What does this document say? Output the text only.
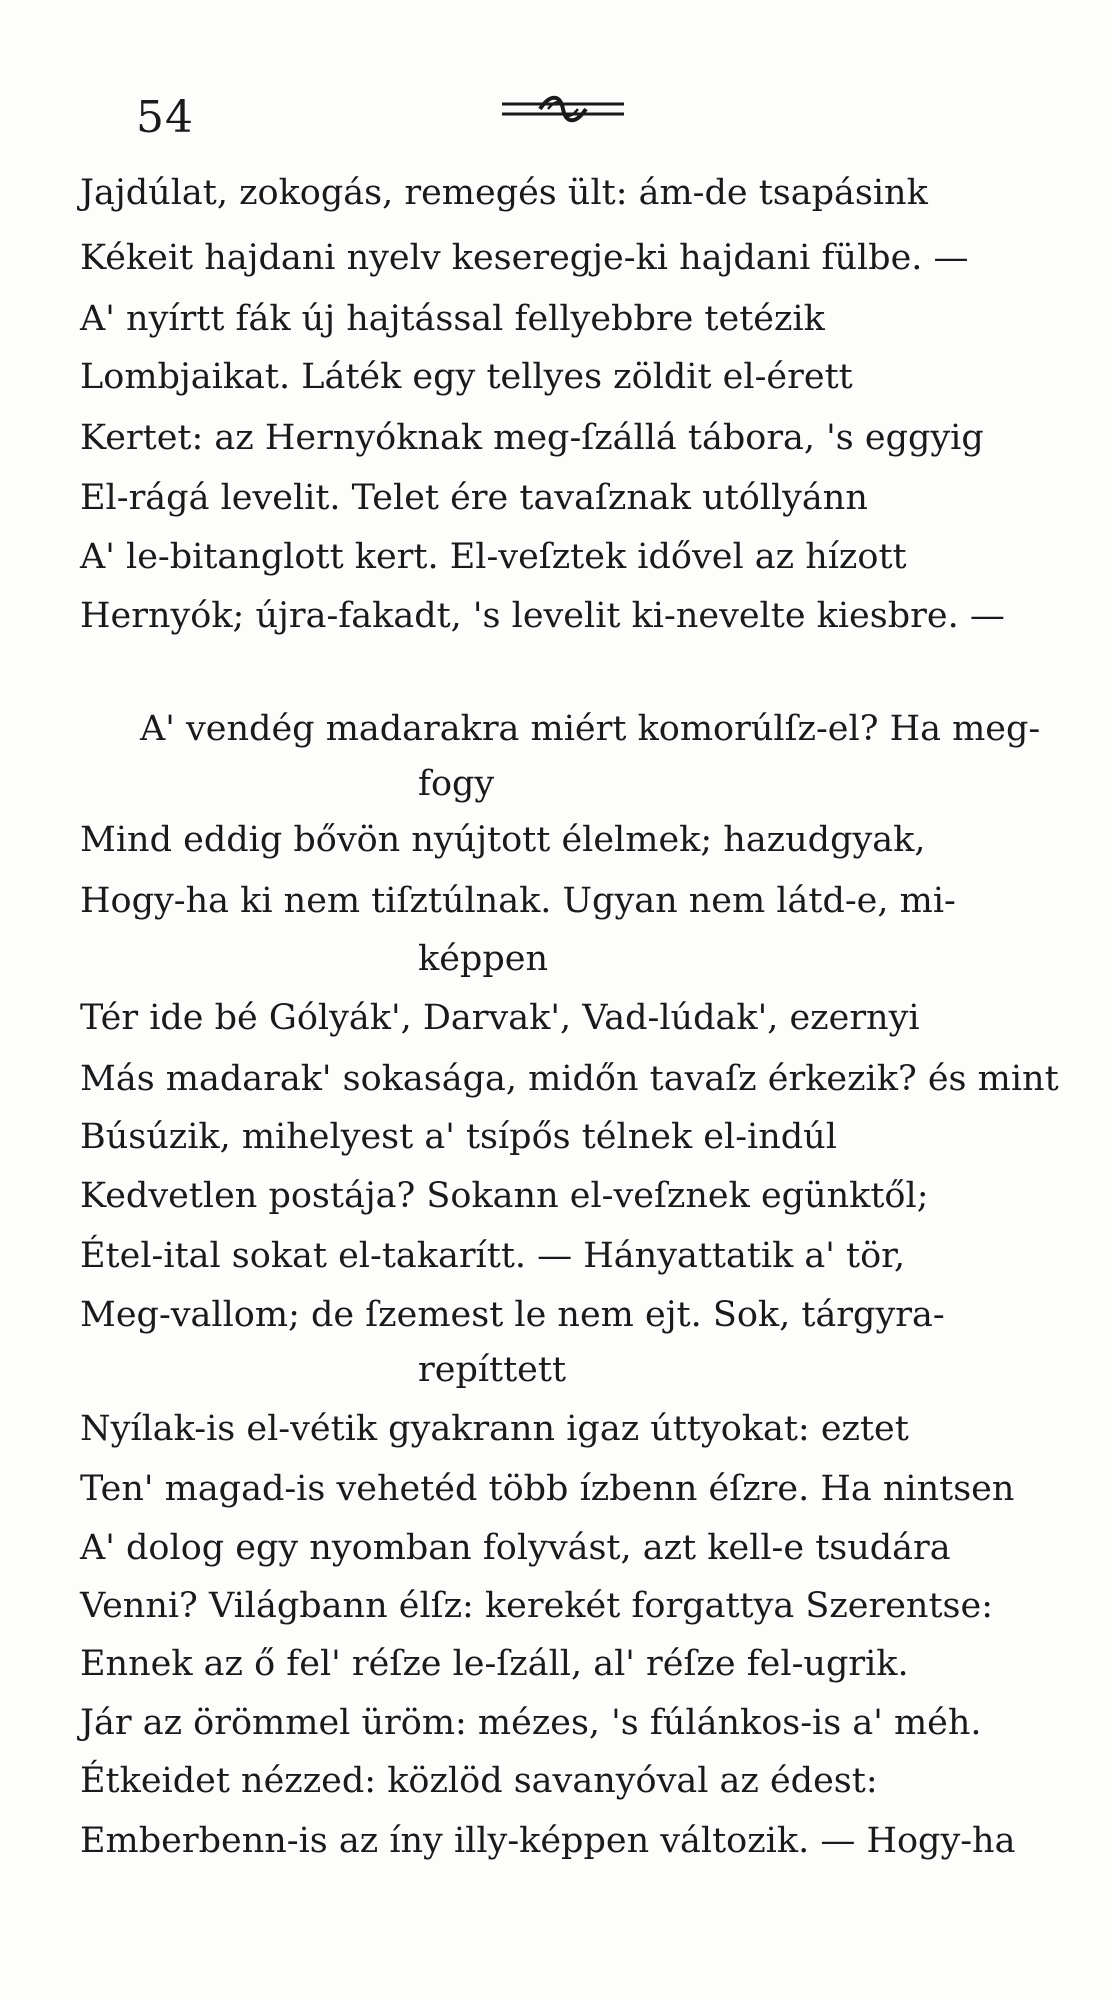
54
Jajdúlat, zokogás, remegés ült: ám-de tsapásink
Kékeit hajdani nyelv keseregje-ki hajdani fülbe. —
A' nyírtt fák új hajtással fellyebbre tetézik
Lombjaikat. Láték egy tellyes zöldit el-érett
Kertet: az Hernyóknak meg-ſzállá tábora, 's eggyig
El-rágá levelit. Telet ére tavaſznak utóllyánn
A' le-bitanglott kert. El-veſztek idővel az hízott
Hernyók; újra-fakadt, 's levelit ki-nevelte kiesbre. —
A' vendég madarakra miért komorúlſz-el? Ha meg-
fogy
Mind eddig bővön nyújtott élelmek; hazudgyak,
Hogy-ha ki nem tiſztúlnak. Ugyan nem látd-e, mi-
képpen
Tér ide bé Gólyák', Darvak', Vad-lúdak', ezernyi
Más madarak' sokasága, midőn tavaſz érkezik? és mint
Búsúzik, mihelyest a' tsípős télnek el-indúl
Kedvetlen postája? Sokann el-veſznek egünktől;
Étel-ital sokat el-takarítt. — Hányattatik a' tör,
Meg-vallom; de ſzemest le nem ejt. Sok, tárgyra-
repíttett
Nyílak-is el-vétik gyakrann igaz úttyokat: eztet
Ten' magad-is vehetéd több ízbenn éſzre. Ha nintsen
A' dolog egy nyomban folyvást, azt kell-e tsudára
Venni? Világbann élſz: kerekét forgattya Szerentse:
Ennek az ő fel' réſze le-ſzáll, al' réſze fel-ugrik.
Jár az örömmel üröm: mézes, 's fúlánkos-is a' méh.
Étkeidet nézzed: közlöd savanyóval az édest:
Emberbenn-is az íny illy-képpen változik. — Hogy-ha
